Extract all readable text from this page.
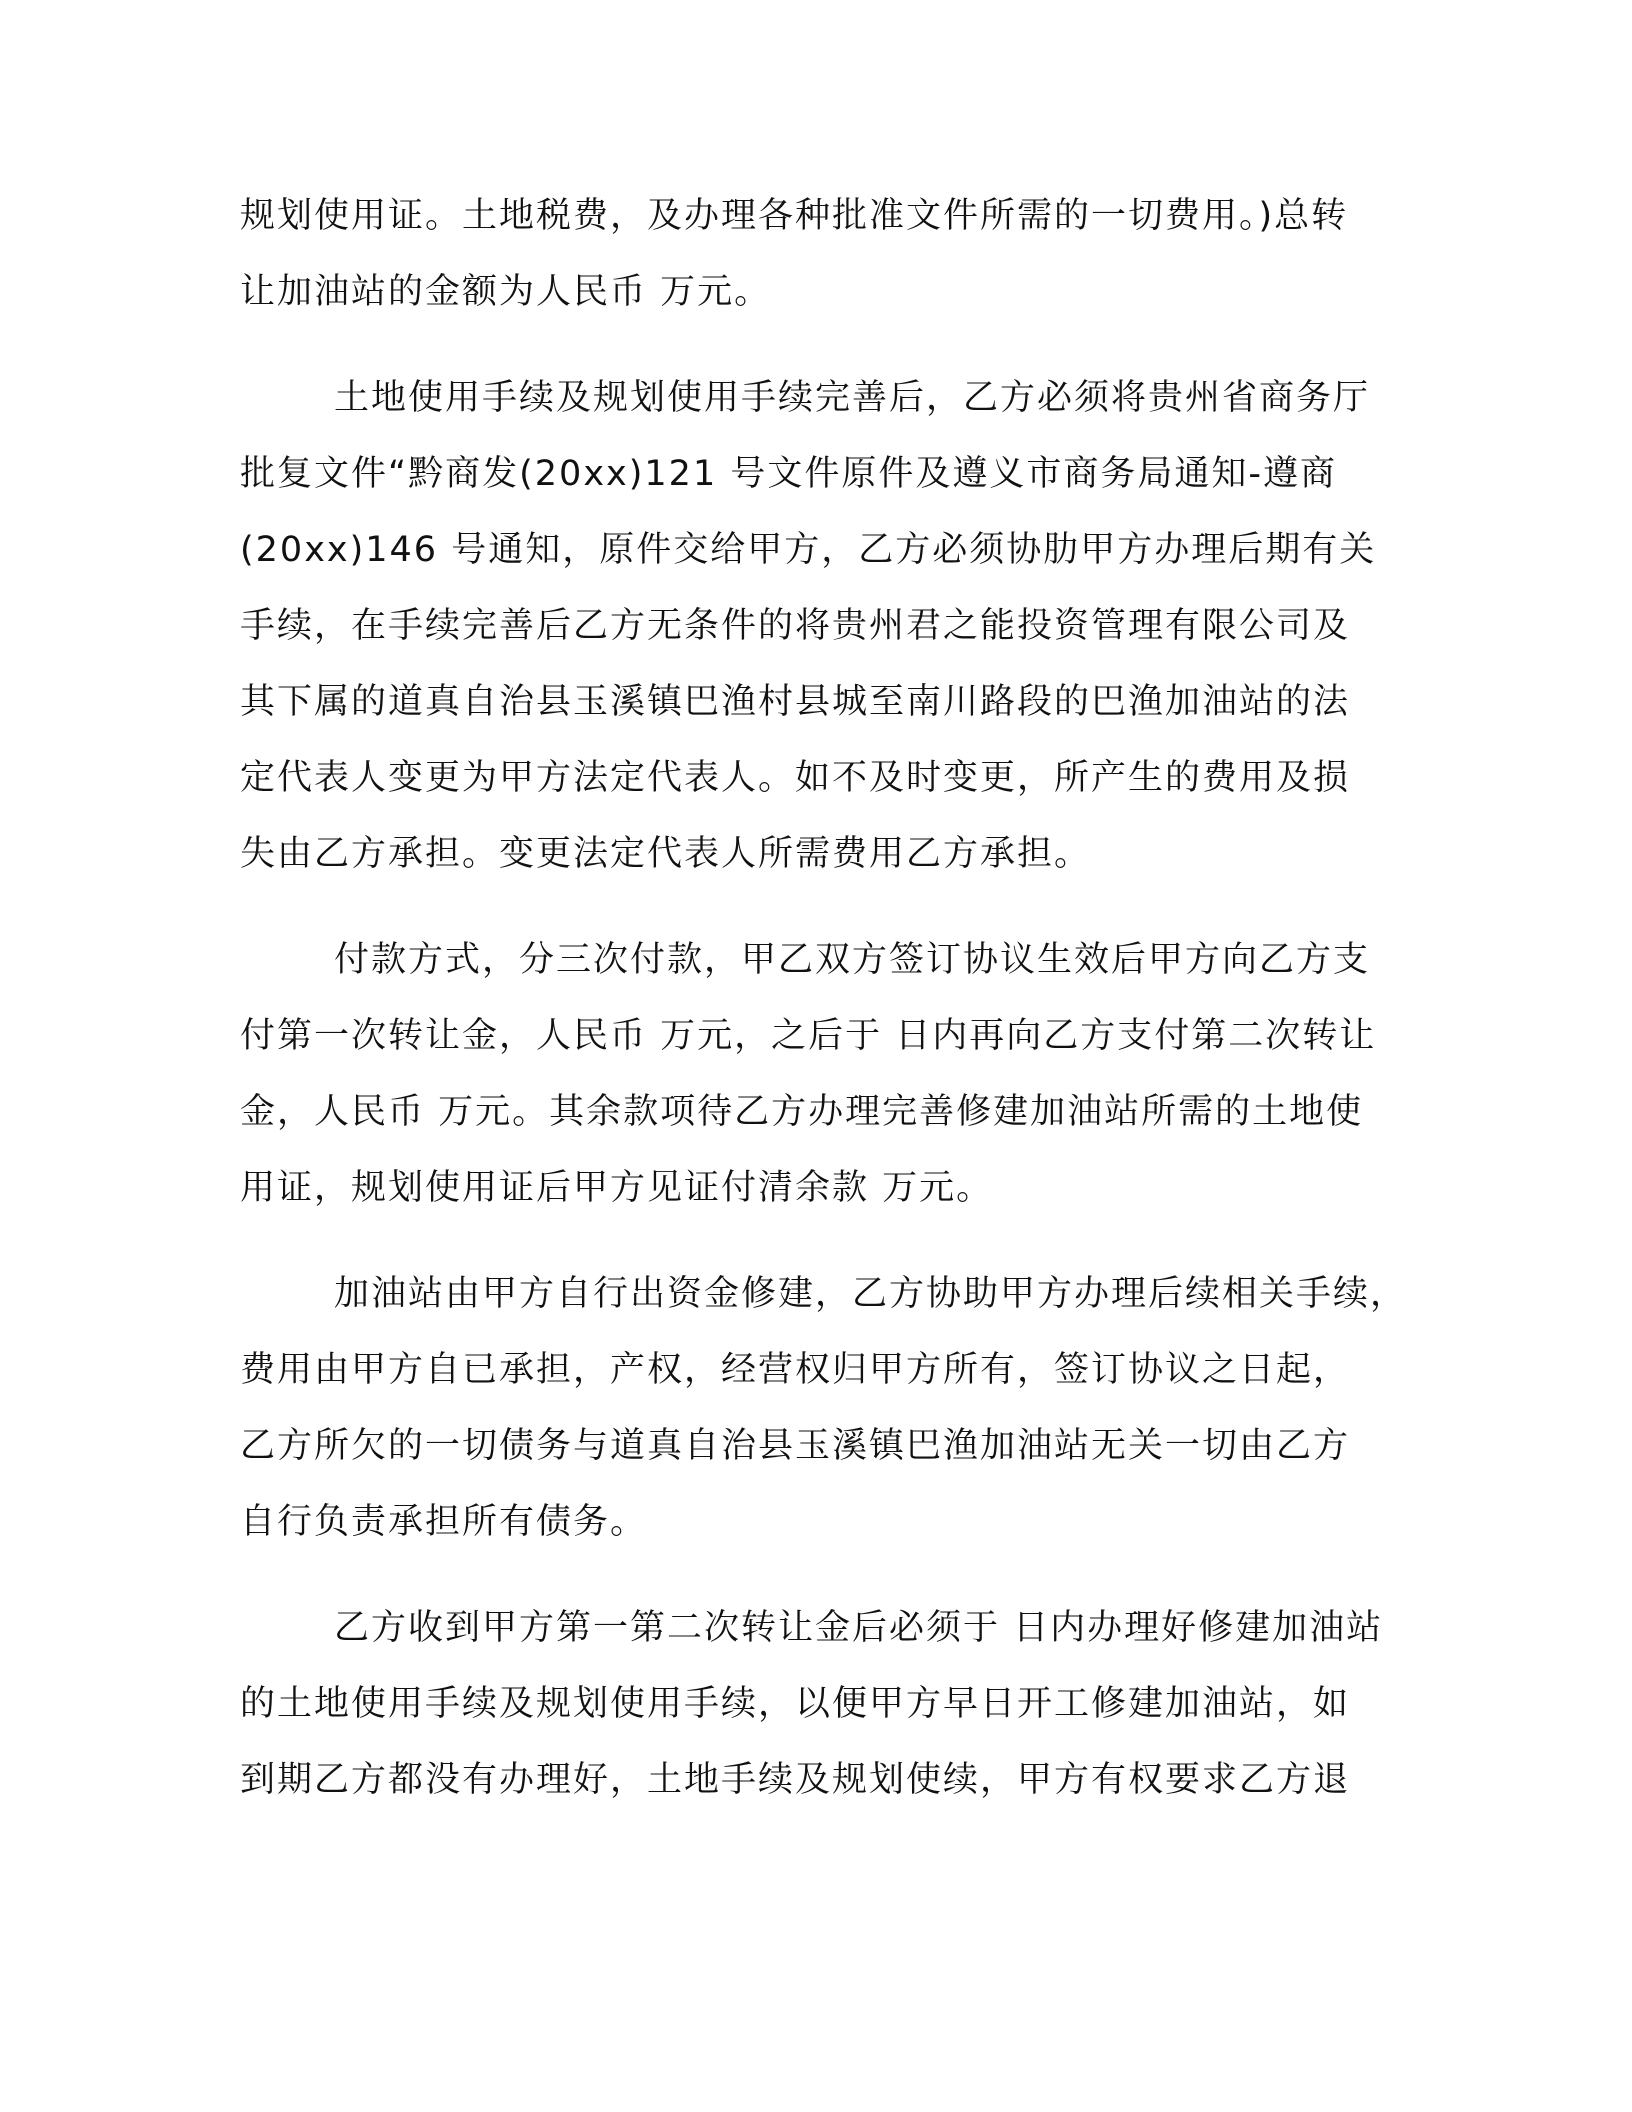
规划使用证。土地税费，及办理各种批准文件所需的一切费用。)总转
让加油站的金额为人民币 万元。
土地使用手续及规划使用手续完善后，乙方必须将贵州省商务厅
批复文件“黔商发(20xx)121 号文件原件及遵义市商务局通知-遵商
(20xx)146 号通知，原件交给甲方，乙方必须协肋甲方办理后期有关
手续，在手续完善后乙方无条件的将贵州君之能投资管理有限公司及
其下属的道真自治县玉溪镇巴渔村县城至南川路段的巴渔加油站的法
定代表人变更为甲方法定代表人。如不及时变更，所产生的费用及损
失由乙方承担。变更法定代表人所需费用乙方承担。
付款方式，分三次付款，甲乙双方签订协议生效后甲方向乙方支
付第一次转让金，人民币 万元，之后于 日内再向乙方支付第二次转让
金，人民币 万元。其余款项待乙方办理完善修建加油站所需的土地使
用证，规划使用证后甲方见证付清余款 万元。
加油站由甲方自行出资金修建，乙方协助甲方办理后续相关手续，
费用由甲方自已承担，产权，经营权归甲方所有，签订协议之日起，
乙方所欠的一切债务与道真自治县玉溪镇巴渔加油站无关一切由乙方
自行负责承担所有债务。
乙方收到甲方第一第二次转让金后必须于 日内办理好修建加油站
的土地使用手续及规划使用手续，以便甲方早日开工修建加油站，如
到期乙方都没有办理好，土地手续及规划使续，甲方有权要求乙方退
